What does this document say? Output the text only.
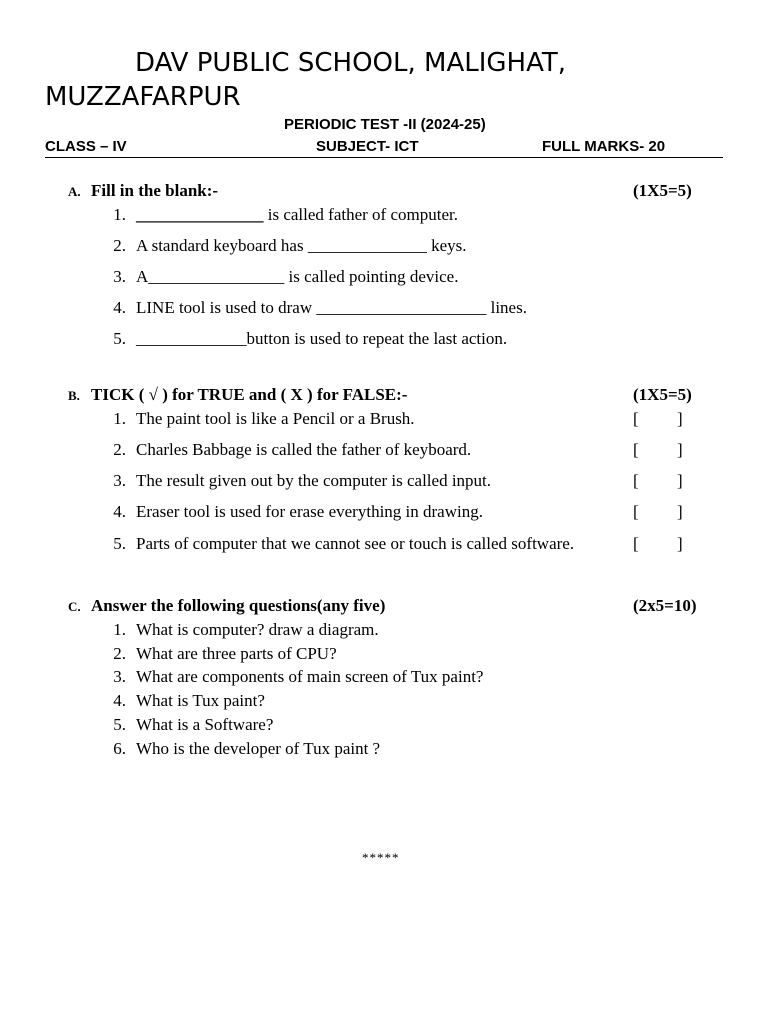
DAV PUBLIC SCHOOL, MALIGHAT,
MUZZAFARPUR
PERIODIC TEST -II (2024-25)
CLASS – IV	SUBJECT- ICT	FULL MARKS- 20
A. Fill in the blank:-	(1X5=5)
1. _______________ is called father of computer.
2. A standard keyboard has ______________ keys.
3. A________________ is called pointing device.
4. LINE tool is used to draw ____________________ lines.
5. _____________button is used to repeat the last action.
B. TICK ( √ ) for TRUE and ( X ) for FALSE:-	(1X5=5)
1. The paint tool is like a Pencil or a Brush.	[ ]
2. Charles Babbage is called the father of keyboard.	[ ]
3. The result given out by the computer is called input.	[ ]
4. Eraser tool is used for erase everything in drawing.	[ ]
5. Parts of computer that we cannot see or touch is called software.	[ ]
C. Answer the following questions(any five)	(2x5=10)
1. What is computer? draw a diagram.
2. What are three parts of CPU?
3. What are components of main screen of Tux paint?
4. What is Tux paint?
5. What is a Software?
6. Who is the developer of Tux paint ?
*****
